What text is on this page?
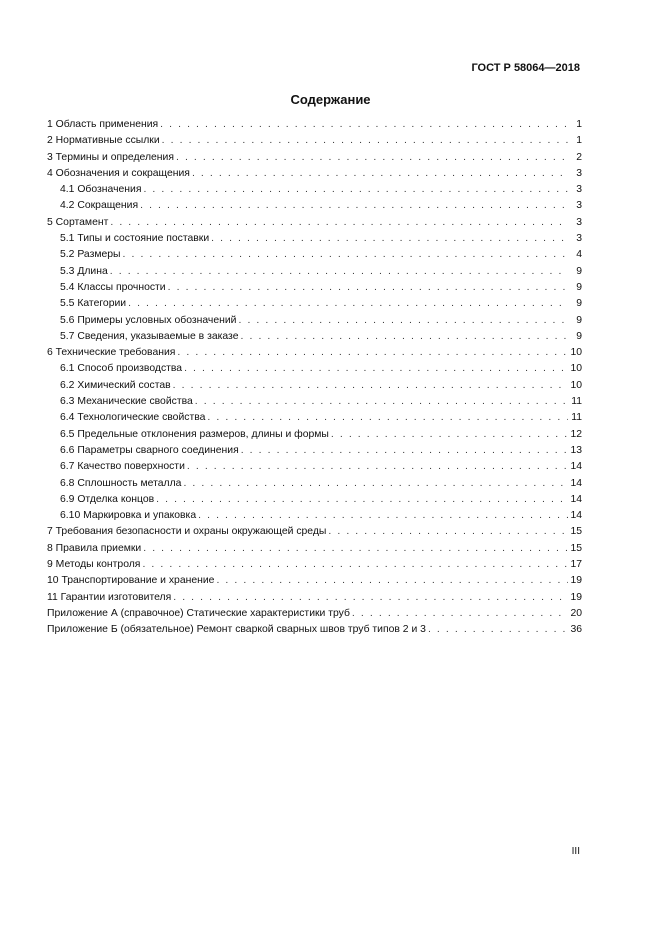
ГОСТ Р 58064—2018
Содержание
1 Область применения . . .	1
2 Нормативные ссылки . . .	1
3 Термины и определения . . .	2
4 Обозначения и сокращения . . .	3
4.1 Обозначения . . .	3
4.2 Сокращения . . .	3
5 Сортамент . . .	3
5.1 Типы и состояние поставки . . .	3
5.2 Размеры . . .	4
5.3 Длина . . .	9
5.4 Классы прочности . . .	9
5.5 Категории . . .	9
5.6 Примеры условных обозначений . . .	9
5.7 Сведения, указываемые в заказе . . .	9
6 Технические требования . . .	10
6.1 Способ производства . . .	10
6.2 Химический состав . . .	10
6.3 Механические свойства . . .	11
6.4 Технологические свойства . . .	11
6.5 Предельные отклонения размеров, длины и формы . . .	12
6.6 Параметры сварного соединения . . .	13
6.7 Качество поверхности . . .	14
6.8 Сплошность металла . . .	14
6.9 Отделка концов . . .	14
6.10 Маркировка и упаковка . . .	14
7 Требования безопасности и охраны окружающей среды . . .	15
8 Правила приемки . . .	15
9 Методы контроля . . .	17
10 Транспортирование и хранение . . .	19
11 Гарантии изготовителя . . .	19
Приложение А (справочное) Статические характеристики труб . . .	20
Приложение Б (обязательное) Ремонт сваркой сварных швов труб типов 2 и 3 . . .	36
III
